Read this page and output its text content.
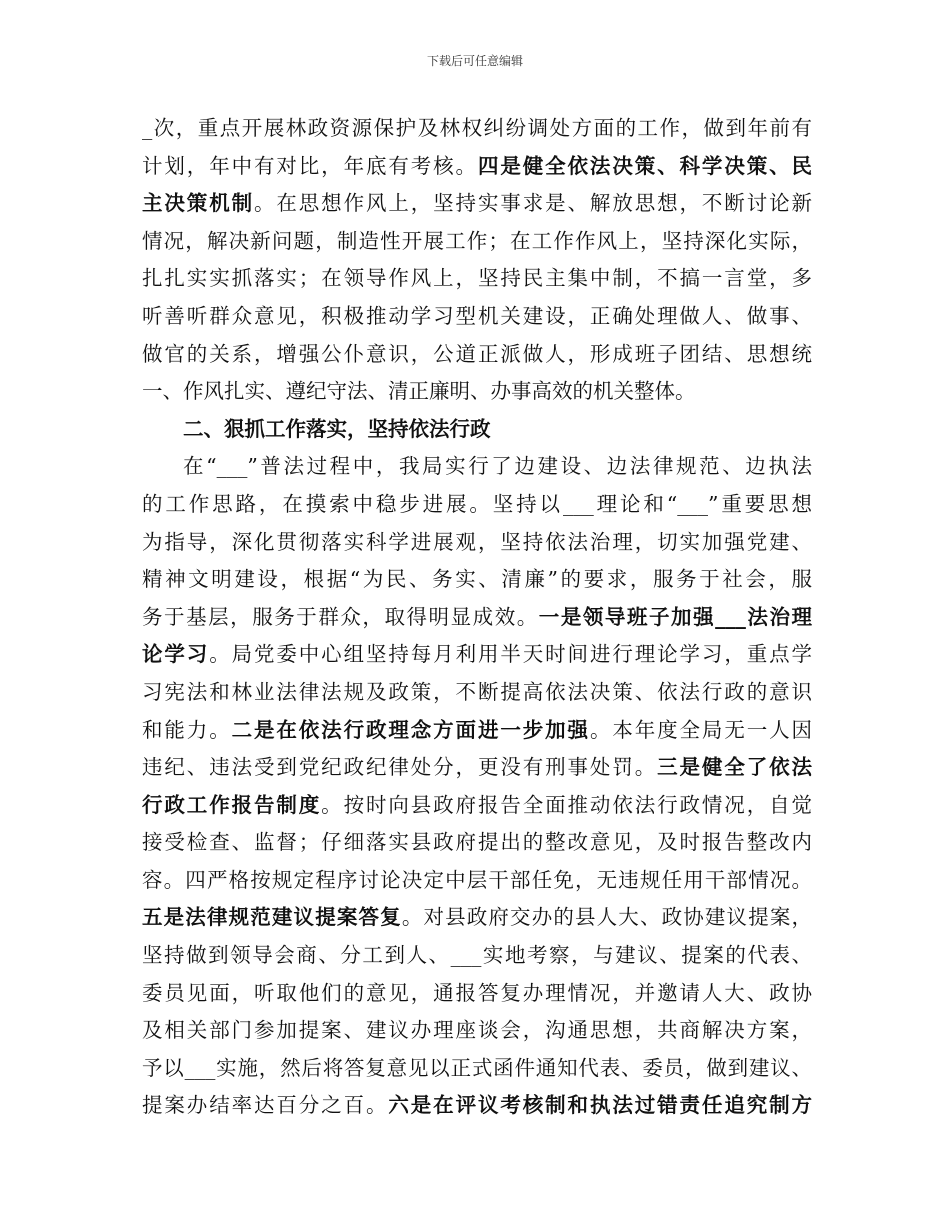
下载后可任意编辑
_次，重点开展林政资源保护及林权纠纷调处方面的工作，做到年前有
计划，年中有对比，年底有考核。四是健全依法决策、科学决策、民
主决策机制。在思想作风上，坚持实事求是、解放思想，不断讨论新
情况，解决新问题，制造性开展工作；在工作作风上，坚持深化实际，
扎扎实实抓落实；在领导作风上，坚持民主集中制，不搞一言堂，多
听善听群众意见，积极推动学习型机关建设，正确处理做人、做事、
做官的关系，增强公仆意识，公道正派做人，形成班子团结、思想统
一、作风扎实、遵纪守法、清正廉明、办事高效的机关整体。
二、狠抓工作落实，坚持依法行政
在“___”普法过程中，我局实行了边建设、边法律规范、边执法
的工作思路，在摸索中稳步进展。坚持以___理论和“___”重要思想
为指导，深化贯彻落实科学进展观，坚持依法治理，切实加强党建、
精神文明建设，根据“为民、务实、清廉”的要求，服务于社会，服
务于基层，服务于群众，取得明显成效。一是领导班子加强___法治理
论学习。局党委中心组坚持每月利用半天时间进行理论学习，重点学
习宪法和林业法律法规及政策，不断提高依法决策、依法行政的意识
和能力。二是在依法行政理念方面进一步加强。本年度全局无一人因
违纪、违法受到党纪政纪律处分，更没有刑事处罚。三是健全了依法
行政工作报告制度。按时向县政府报告全面推动依法行政情况，自觉
接受检查、监督；仔细落实县政府提出的整改意见，及时报告整改内
容。四严格按规定程序讨论决定中层干部任免，无违规任用干部情况。
五是法律规范建议提案答复。对县政府交办的县人大、政协建议提案，
坚持做到领导会商、分工到人、___实地考察，与建议、提案的代表、
委员见面，听取他们的意见，通报答复办理情况，并邀请人大、政协
及相关部门参加提案、建议办理座谈会，沟通思想，共商解决方案，
予以___实施，然后将答复意见以正式函件通知代表、委员，做到建议、
提案办结率达百分之百。六是在评议考核制和执法过错责任追究制方
